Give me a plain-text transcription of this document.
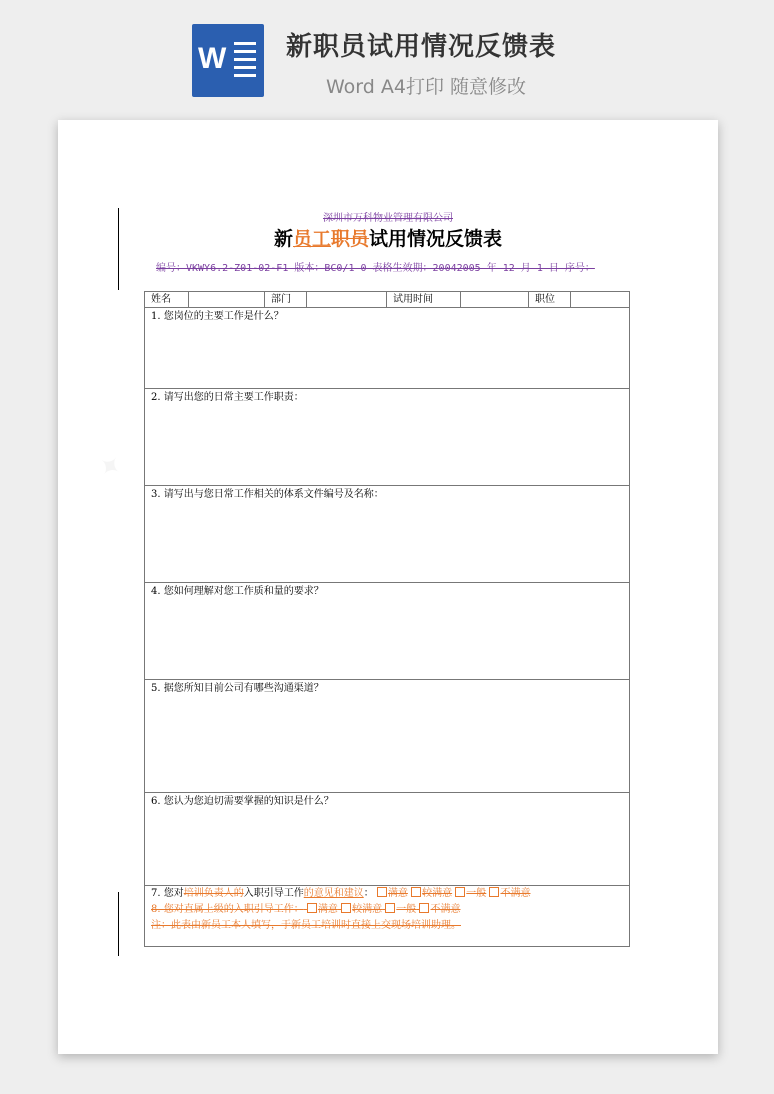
W 新职员试用情况反馈表
Word A4打印 随意修改
深圳市万科物业管理有限公司
新员工职员试用情况反馈表
编号：VKWY6.2-Z01-02-F1 版本：BC0/1 0 表格生效期：20042005 年 12 月 1 日 序号：
姓名		部门		试用时间		职位	
1. 您岗位的主要工作是什么？
2. 请写出您的日常主要工作职责：
3. 请写出与您日常工作相关的体系文件编号及名称：
4. 您如何理解对您工作质和量的要求？
5. 据您所知目前公司有哪些沟通渠道？
6. 您认为您迫切需要掌握的知识是什么？

7. 您对培训负责人的入职引导工作的意见和建议： 满意 较满意 一般 不满意
8. 您对直属上级的入职引导工作： 满意 较满意 一般 不满意
注：此表由新员工本人填写，于新员工培训时直接上交现场培训助理。
